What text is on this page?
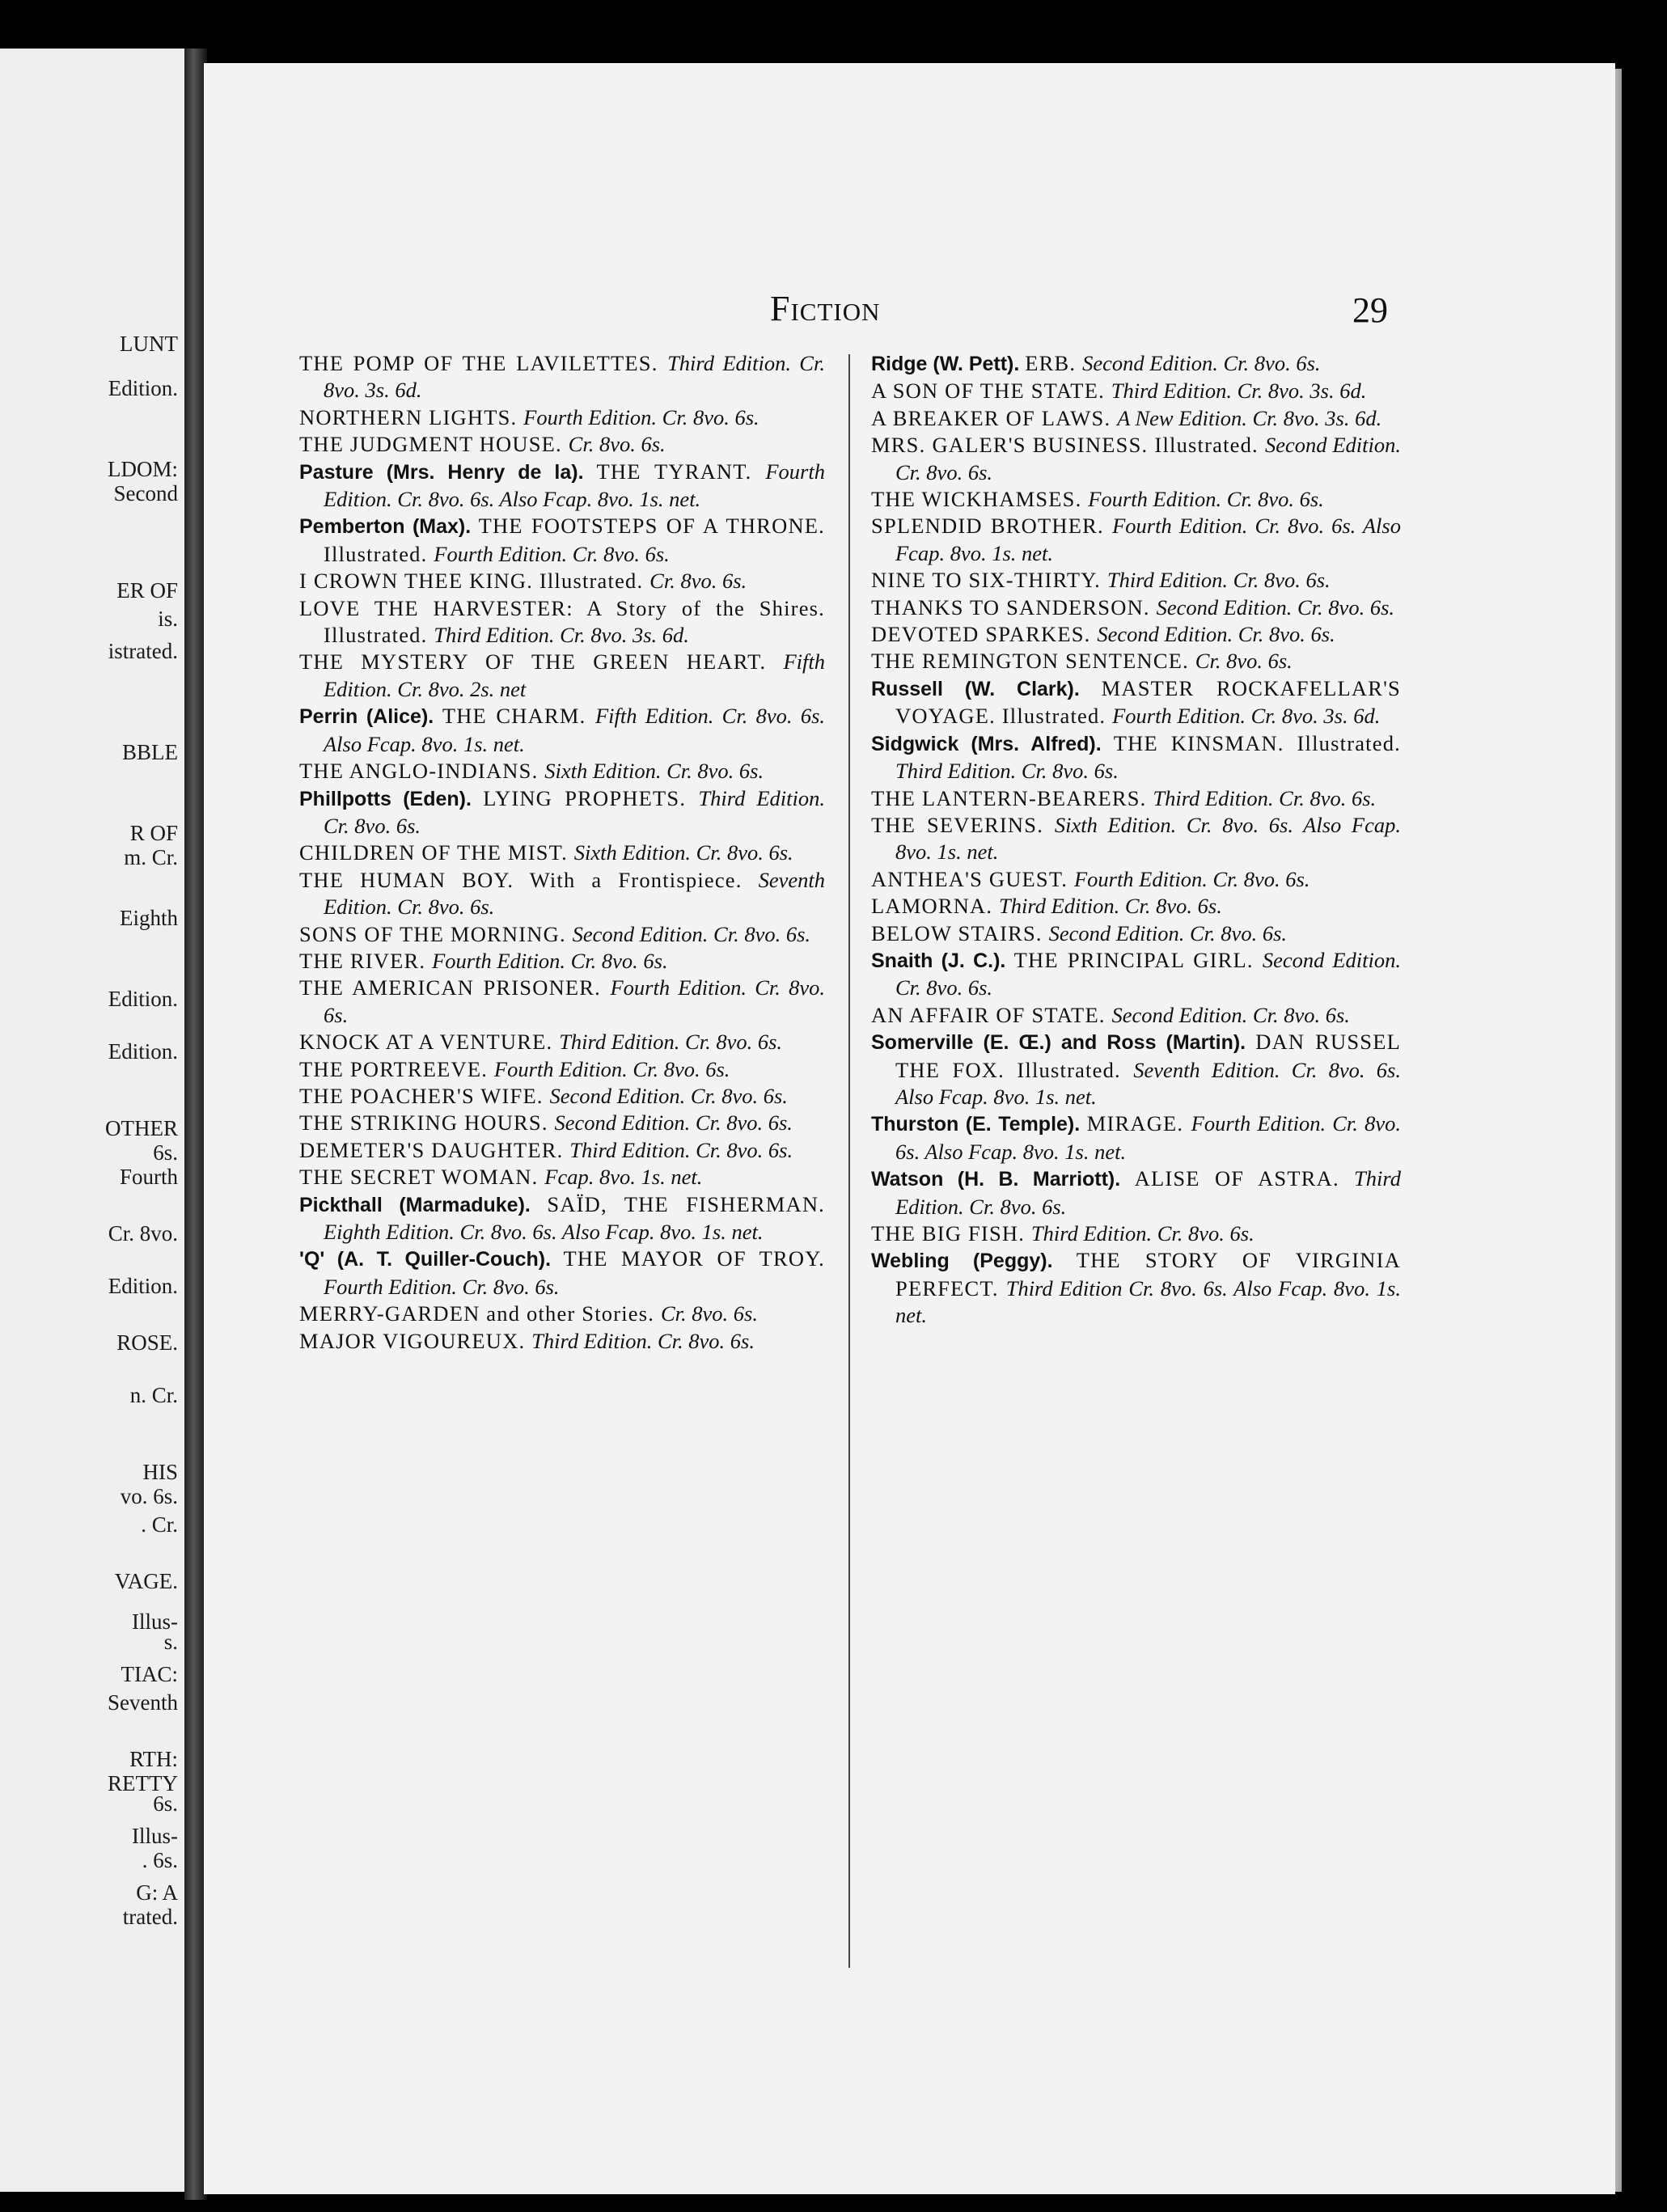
LUNT
Edition.
LDOM:
Second
ER OF
is.
istrated.
BBLE
R OF
m. Cr.
Eighth
Edition.
Edition.
OTHER
6s.
Fourth
Cr. 8vo.
Edition.
ROSE.
n. Cr.
HIS
vo. 6s.
. Cr.
VAGE.
Illus-
s.
TIAC:
Seventh
RTH:
RETTY
6s.
Illus-
. 6s.
G: A
trated.
Fiction	29

THE POMP OF THE LAVILETTES. Third Edition. Cr. 8vo. 3s. 6d.

NORTHERN LIGHTS. Fourth Edition. Cr. 8vo. 6s.

THE JUDGMENT HOUSE. Cr. 8vo. 6s.

Pasture (Mrs. Henry de la). THE TYRANT. Fourth Edition. Cr. 8vo. 6s. Also Fcap. 8vo. 1s. net.

Pemberton (Max). THE FOOTSTEPS OF A THRONE. Illustrated. Fourth Edition. Cr. 8vo. 6s.

I CROWN THEE KING. Illustrated. Cr. 8vo. 6s.

LOVE THE HARVESTER: A Story of the Shires. Illustrated. Third Edition. Cr. 8vo. 3s. 6d.

THE MYSTERY OF THE GREEN HEART. Fifth Edition. Cr. 8vo. 2s. net

Perrin (Alice). THE CHARM. Fifth Edition. Cr. 8vo. 6s. Also Fcap. 8vo. 1s. net.

THE ANGLO-INDIANS. Sixth Edition. Cr. 8vo. 6s.

Phillpotts (Eden). LYING PROPHETS. Third Edition. Cr. 8vo. 6s.

CHILDREN OF THE MIST. Sixth Edition. Cr. 8vo. 6s.

THE HUMAN BOY. With a Frontispiece. Seventh Edition. Cr. 8vo. 6s.

SONS OF THE MORNING. Second Edition. Cr. 8vo. 6s.

THE RIVER. Fourth Edition. Cr. 8vo. 6s.

THE AMERICAN PRISONER. Fourth Edition. Cr. 8vo. 6s.

KNOCK AT A VENTURE. Third Edition. Cr. 8vo. 6s.

THE PORTREEVE. Fourth Edition. Cr. 8vo. 6s.

THE POACHER'S WIFE. Second Edition. Cr. 8vo. 6s.

THE STRIKING HOURS. Second Edition. Cr. 8vo. 6s.

DEMETER'S DAUGHTER. Third Edition. Cr. 8vo. 6s.

THE SECRET WOMAN. Fcap. 8vo. 1s. net.

Pickthall (Marmaduke). SAÏD, THE FISHERMAN. Eighth Edition. Cr. 8vo. 6s. Also Fcap. 8vo. 1s. net.

'Q' (A. T. Quiller-Couch). THE MAYOR OF TROY. Fourth Edition. Cr. 8vo. 6s.

MERRY-GARDEN and other Stories. Cr. 8vo. 6s.

MAJOR VIGOUREUX. Third Edition. Cr. 8vo. 6s.

Ridge (W. Pett). ERB. Second Edition. Cr. 8vo. 6s.

A SON OF THE STATE. Third Edition. Cr. 8vo. 3s. 6d.

A BREAKER OF LAWS. A New Edition. Cr. 8vo. 3s. 6d.

MRS. GALER'S BUSINESS. Illustrated. Second Edition. Cr. 8vo. 6s.

THE WICKHAMSES. Fourth Edition. Cr. 8vo. 6s.

SPLENDID BROTHER. Fourth Edition. Cr. 8vo. 6s. Also Fcap. 8vo. 1s. net.

NINE TO SIX-THIRTY. Third Edition. Cr. 8vo. 6s.

THANKS TO SANDERSON. Second Edition. Cr. 8vo. 6s.

DEVOTED SPARKES. Second Edition. Cr. 8vo. 6s.

THE REMINGTON SENTENCE. Cr. 8vo. 6s.

Russell (W. Clark). MASTER ROCKAFELLAR'S VOYAGE. Illustrated. Fourth Edition. Cr. 8vo. 3s. 6d.

Sidgwick (Mrs. Alfred). THE KINSMAN. Illustrated. Third Edition. Cr. 8vo. 6s.

THE LANTERN-BEARERS. Third Edition. Cr. 8vo. 6s.

THE SEVERINS. Sixth Edition. Cr. 8vo. 6s. Also Fcap. 8vo. 1s. net.

ANTHEA'S GUEST. Fourth Edition. Cr. 8vo. 6s.

LAMORNA. Third Edition. Cr. 8vo. 6s.

BELOW STAIRS. Second Edition. Cr. 8vo. 6s.

Snaith (J. C.). THE PRINCIPAL GIRL. Second Edition. Cr. 8vo. 6s.

AN AFFAIR OF STATE. Second Edition. Cr. 8vo. 6s.

Somerville (E. Œ.) and Ross (Martin). DAN RUSSEL THE FOX. Illustrated. Seventh Edition. Cr. 8vo. 6s. Also Fcap. 8vo. 1s. net.

Thurston (E. Temple). MIRAGE. Fourth Edition. Cr. 8vo. 6s. Also Fcap. 8vo. 1s. net.

Watson (H. B. Marriott). ALISE OF ASTRA. Third Edition. Cr. 8vo. 6s.

THE BIG FISH. Third Edition. Cr. 8vo. 6s.

Webling (Peggy). THE STORY OF VIRGINIA PERFECT. Third Edition Cr. 8vo. 6s. Also Fcap. 8vo. 1s. net.
